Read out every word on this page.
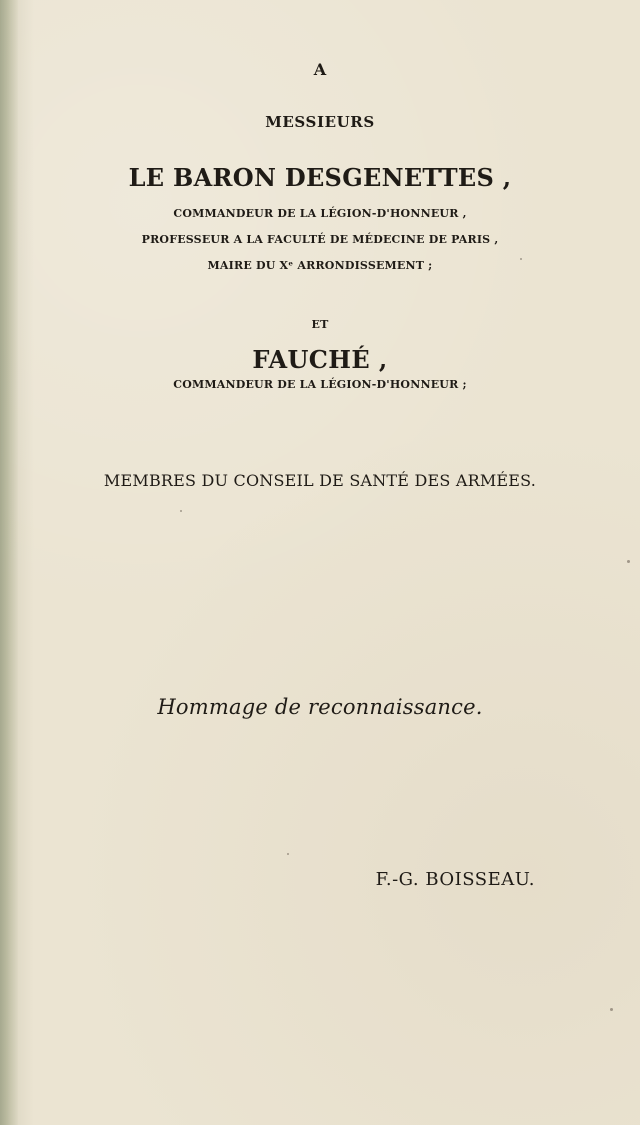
A
MESSIEURS
LE BARON DESGENETTES ,
COMMANDEUR DE LA LÉGION-D'HONNEUR ,
PROFESSEUR A LA FACULTÉ DE MÉDECINE DE PARIS ,
MAIRE DU Xᵉ ARRONDISSEMENT ;
ET
FAUCHÉ ,
COMMANDEUR DE LA LÉGION-D'HONNEUR ;
MEMBRES DU CONSEIL DE SANTÉ DES ARMÉES.
Hommage de reconnaissance.
F.-G. BOISSEAU.
